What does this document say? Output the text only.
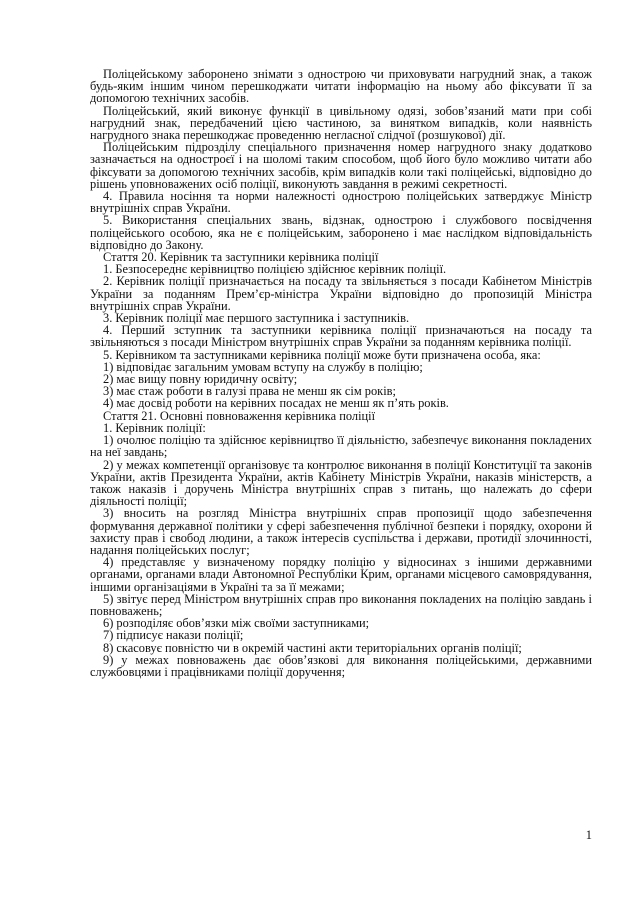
Поліцейському заборонено знімати з однострою чи приховувати нагрудний знак, а також будь-яким іншим чином перешкоджати читати інформацію на ньому або фіксувати її за допомогою технічних засобів.

Поліцейський, який виконує функції в цивільному одязі, зобов’язаний мати при собі нагрудний знак, передбачений цією частиною, за винятком випадків, коли наявність нагрудного знака перешкоджає проведенню негласної слідчої (розшукової) дії.

Поліцейським підрозділу спеціального призначення номер нагрудного знаку додатково зазначається на одностроєї і на шоломі таким способом, щоб його було можливо читати або фіксувати за допомогою технічних засобів, крім випадків коли такі поліцейські, відповідно до рішень уповноважених осіб поліції, виконують завдання в режимі секретності.

4. Правила носіння та норми належності однострою поліцейських затверджує Міністр внутрішніх справ України.

5. Використання спеціальних звань, відзнак, однострою і службового посвідчення поліцейського особою, яка не є поліцейським, заборонено і має наслідком відповідальність відповідно до Закону.

Стаття 20. Керівник та заступники керівника поліції

1. Безпосереднє керівництво поліцією здійснює керівник поліції.

2. Керівник поліції призначається на посаду та звільняється з посади Кабінетом Міністрів України за поданням Прем’єр-міністра України відповідно до пропозицій Міністра внутрішніх справ України.

3. Керівник поліції має першого заступника і заступників.

4. Перший зступник та заступники керівника поліції призначаються на посаду та звільняються з посади Міністром внутрішніх справ України за поданням керівника поліції.

5. Керівником та заступниками керівника поліції може бути призначена особа, яка:

1) відповідає загальним умовам вступу на службу в поліцію;

2) має вищу повну юридичну освіту;

3) має стаж роботи в галузі права не менш як сім років;

4) має досвід роботи на керівних посадах не менш як п’ять років.

Стаття 21. Основні повноваження керівника поліції

1. Керівник поліції:

1) очолює поліцію та здійснює керівництво її діяльністю, забезпечує виконання покладених на неї завдань;

2) у межах компетенції організовує та контролює виконання в поліції Конституції та законів України, актів Президента України, актів Кабінету Міністрів України, наказів міністерств, а також наказів і доручень Міністра внутрішніх справ з питань, що належать до сфери діяльності поліції;

3) вносить на розгляд Міністра внутрішніх справ пропозиції щодо забезпечення формування державної політики у сфері забезпечення публічної безпеки і порядку, охорони й захисту прав і свобод людини, а також інтересів суспільства і держави, протидії злочинності, надання поліцейських послуг;

4) представляє у визначеному порядку поліцію у відносинах з іншими державними органами, органами влади Автономної Республіки Крим, органами місцевого самоврядування, іншими організаціями в Україні та за її межами;

5) звітує перед Міністром внутрішніх справ про виконання покладених на поліцію завдань і повноважень;

6) розподіляє обов’язки між своїми заступниками;

7) підписує накази поліції;

8) скасовує повністю чи в окремій частині акти територіальних органів поліції;

9) у межах повноважень дає обов’язкові для виконання поліцейськими, державними службовцями і працівниками поліції доручення;

1
